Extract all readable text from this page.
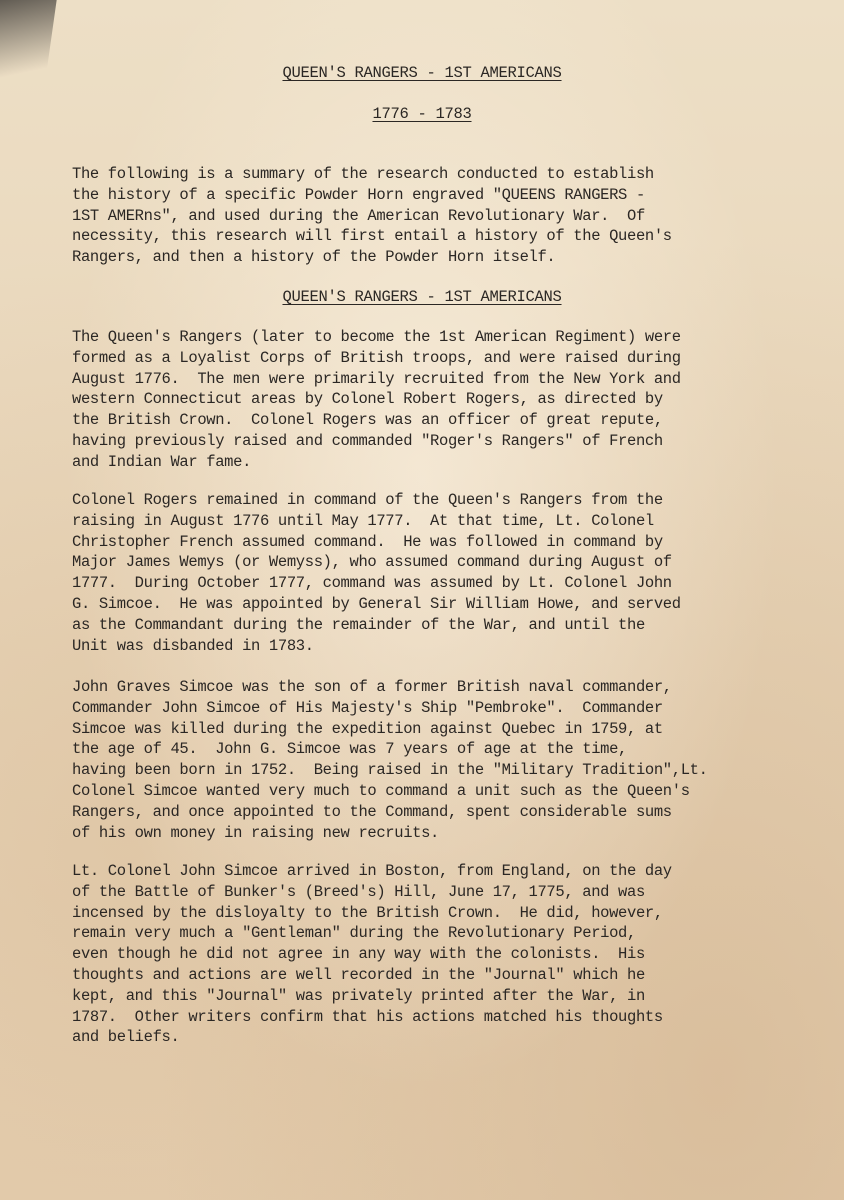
QUEEN'S RANGERS - 1ST AMERICANS
1776 - 1783

The following is a summary of the research conducted to establish
the history of a specific Powder Horn engraved "QUEENS RANGERS -
1ST AMERns", and used during the American Revolutionary War.  Of
necessity, this research will first entail a history of the Queen's
Rangers, and then a history of the Powder Horn itself.

QUEEN'S RANGERS - 1ST AMERICANS

The Queen's Rangers (later to become the 1st American Regiment) were
formed as a Loyalist Corps of British troops, and were raised during
August 1776.  The men were primarily recruited from the New York and
western Connecticut areas by Colonel Robert Rogers, as directed by
the British Crown.  Colonel Rogers was an officer of great repute,
having previously raised and commanded "Roger's Rangers" of French
and Indian War fame.

Colonel Rogers remained in command of the Queen's Rangers from the
raising in August 1776 until May 1777.  At that time, Lt. Colonel
Christopher French assumed command.  He was followed in command by
Major James Wemys (or Wemyss), who assumed command during August of
1777.  During October 1777, command was assumed by Lt. Colonel John
G. Simcoe.  He was appointed by General Sir William Howe, and served
as the Commandant during the remainder of the War, and until the
Unit was disbanded in 1783.

John Graves Simcoe was the son of a former British naval commander,
Commander John Simcoe of His Majesty's Ship "Pembroke".  Commander
Simcoe was killed during the expedition against Quebec in 1759, at
the age of 45.  John G. Simcoe was 7 years of age at the time,
having been born in 1752.  Being raised in the "Military Tradition",Lt.
Colonel Simcoe wanted very much to command a unit such as the Queen's
Rangers, and once appointed to the Command, spent considerable sums
of his own money in raising new recruits.

Lt. Colonel John Simcoe arrived in Boston, from England, on the day
of the Battle of Bunker's (Breed's) Hill, June 17, 1775, and was
incensed by the disloyalty to the British Crown.  He did, however,
remain very much a "Gentleman" during the Revolutionary Period,
even though he did not agree in any way with the colonists.  His
thoughts and actions are well recorded in the "Journal" which he
kept, and this "Journal" was privately printed after the War, in
1787.  Other writers confirm that his actions matched his thoughts
and beliefs.
